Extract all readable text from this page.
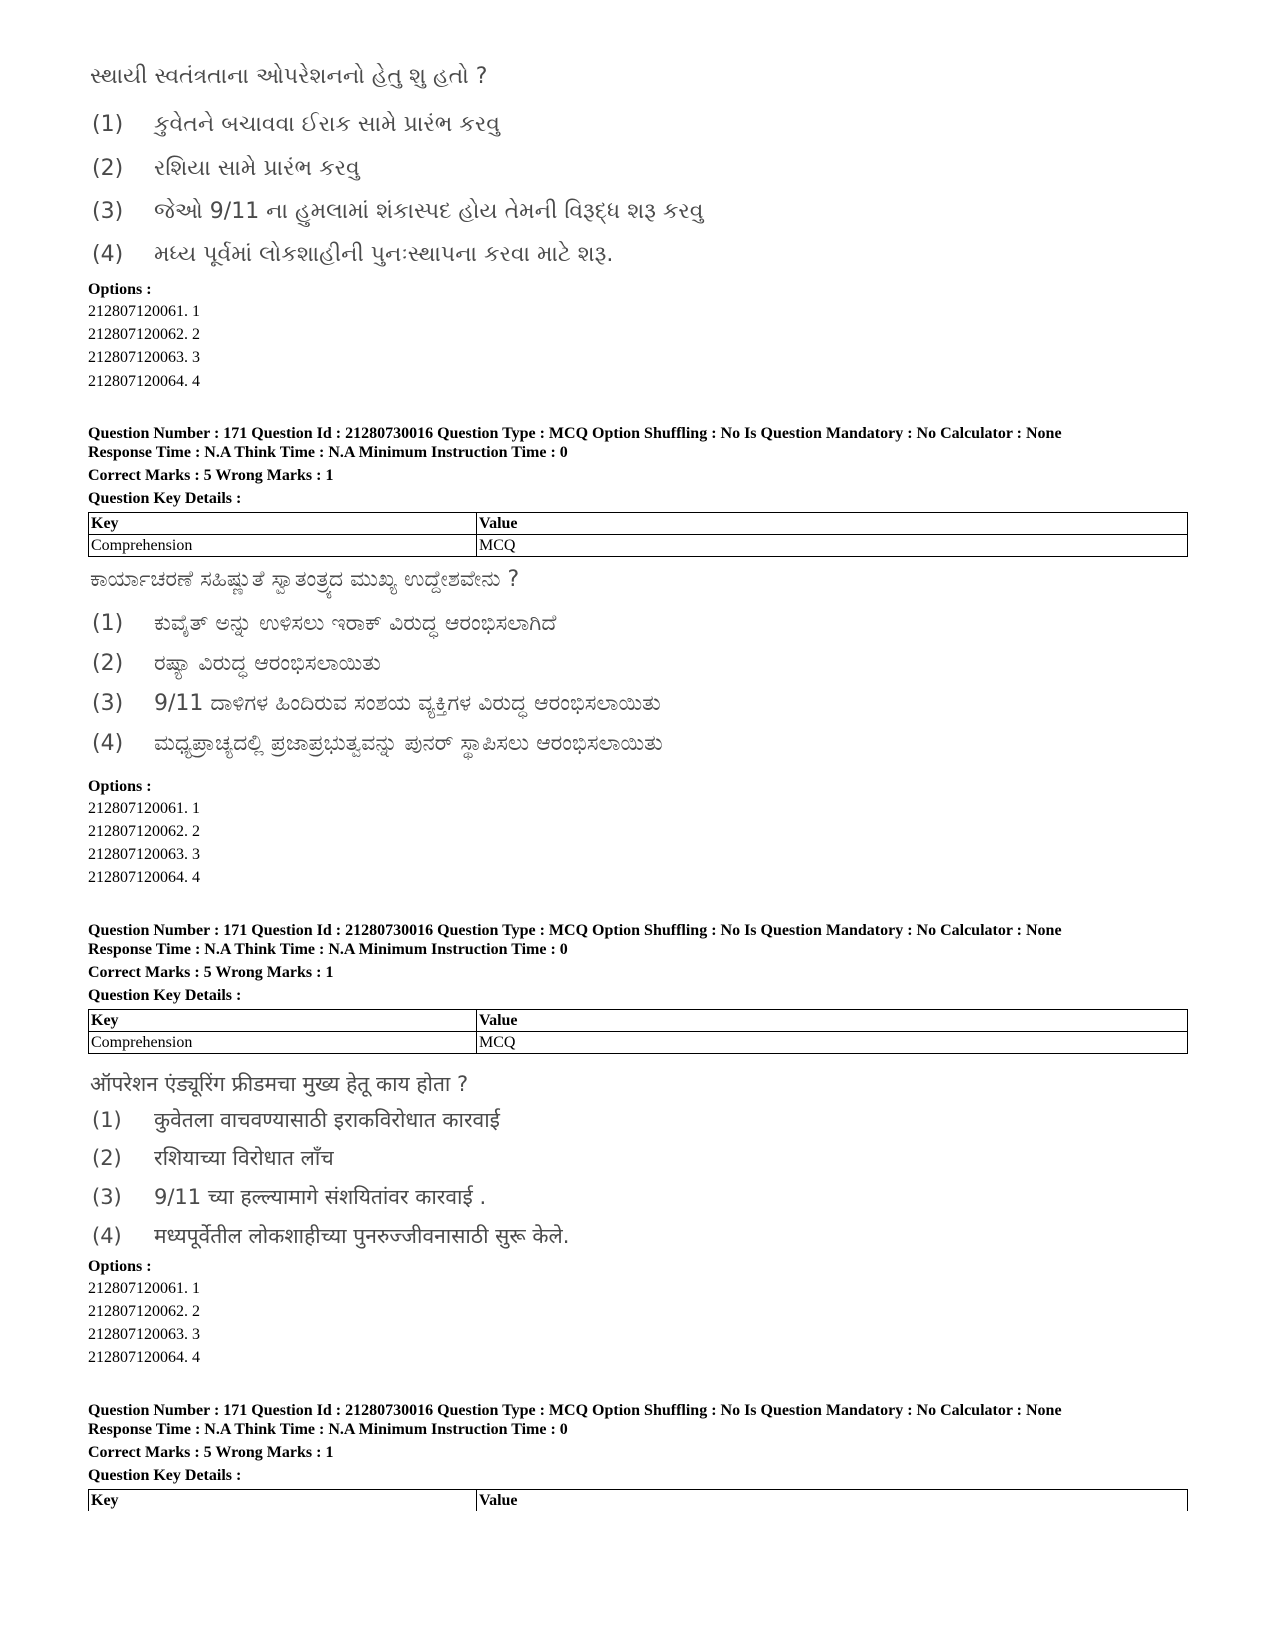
સ્થાયી સ્વતંત્રતાના ઓપરેશનનો હેતુ શુ હતો ?
(1) કુવેતને બચાવવા ઈરાક સામે પ્રારંભ કરવુ
(2) રશિયા સામે પ્રારંભ કરવુ
(3) જેઓ 9/11 ના હુમલામાં શંકાસ્પદ હોય તેમની વિરૂદ્ધ શરૂ કરવુ
(4) મધ્ય પૂર્વમાં લોકશાહીની પુનઃસ્થાપના કરવા માટે શરૂ.
Options :
212807120061. 1
212807120062. 2
212807120063. 3
212807120064. 4
Question Number : 171 Question Id : 21280730016 Question Type : MCQ Option Shuffling : No Is Question Mandatory : No Calculator : None
Response Time : N.A Think Time : N.A Minimum Instruction Time : 0
Correct Marks : 5 Wrong Marks : 1
Question Key Details :
Key	Value
Comprehension	MCQ
ಕಾರ್ಯಾಚರಣೆ ಸಹಿಷ್ಣುತೆ ಸ್ವಾತಂತ್ರ್ಯದ ಮುಖ್ಯ ಉದ್ದೇಶವೇನು ?
(1) ಕುವೈತ್ ಅನ್ನು ಉಳಿಸಲು ಇರಾಕ್ ವಿರುದ್ಧ ಆರಂಭಿಸಲಾಗಿದೆ
(2) ರಷ್ಯಾ ವಿರುದ್ಧ ಆರಂಭಿಸಲಾಯಿತು
(3) 9/11 ದಾಳಿಗಳ ಹಿಂದಿರುವ ಸಂಶಯ ವ್ಯಕ್ತಿಗಳ ವಿರುದ್ಧ ಆರಂಭಿಸಲಾಯಿತು
(4) ಮಧ್ಯಪ್ರಾಚ್ಯದಲ್ಲಿ ಪ್ರಜಾಪ್ರಭುತ್ವವನ್ನು ಪುನರ್ ಸ್ಥಾಪಿಸಲು ಆರಂಭಿಸಲಾಯಿತು
Options :
212807120061. 1
212807120062. 2
212807120063. 3
212807120064. 4
Question Number : 171 Question Id : 21280730016 Question Type : MCQ Option Shuffling : No Is Question Mandatory : No Calculator : None
Response Time : N.A Think Time : N.A Minimum Instruction Time : 0
Correct Marks : 5 Wrong Marks : 1
Question Key Details :
Key	Value
Comprehension	MCQ
ऑपरेशन एंड्यूरिंग फ्रीडमचा मुख्य हेतू काय होता ?
(1) कुवेतला वाचवण्यासाठी इराकविरोधात कारवाई
(2) रशियाच्या विरोधात लाँच
(3) 9/11 च्या हल्ल्यामागे संशयितांवर कारवाई .
(4) मध्यपूर्वेतील लोकशाहीच्या पुनरुज्जीवनासाठी सुरू केले.
Options :
212807120061. 1
212807120062. 2
212807120063. 3
212807120064. 4
Question Number : 171 Question Id : 21280730016 Question Type : MCQ Option Shuffling : No Is Question Mandatory : No Calculator : None
Response Time : N.A Think Time : N.A Minimum Instruction Time : 0
Correct Marks : 5 Wrong Marks : 1
Question Key Details :
Key	Value
